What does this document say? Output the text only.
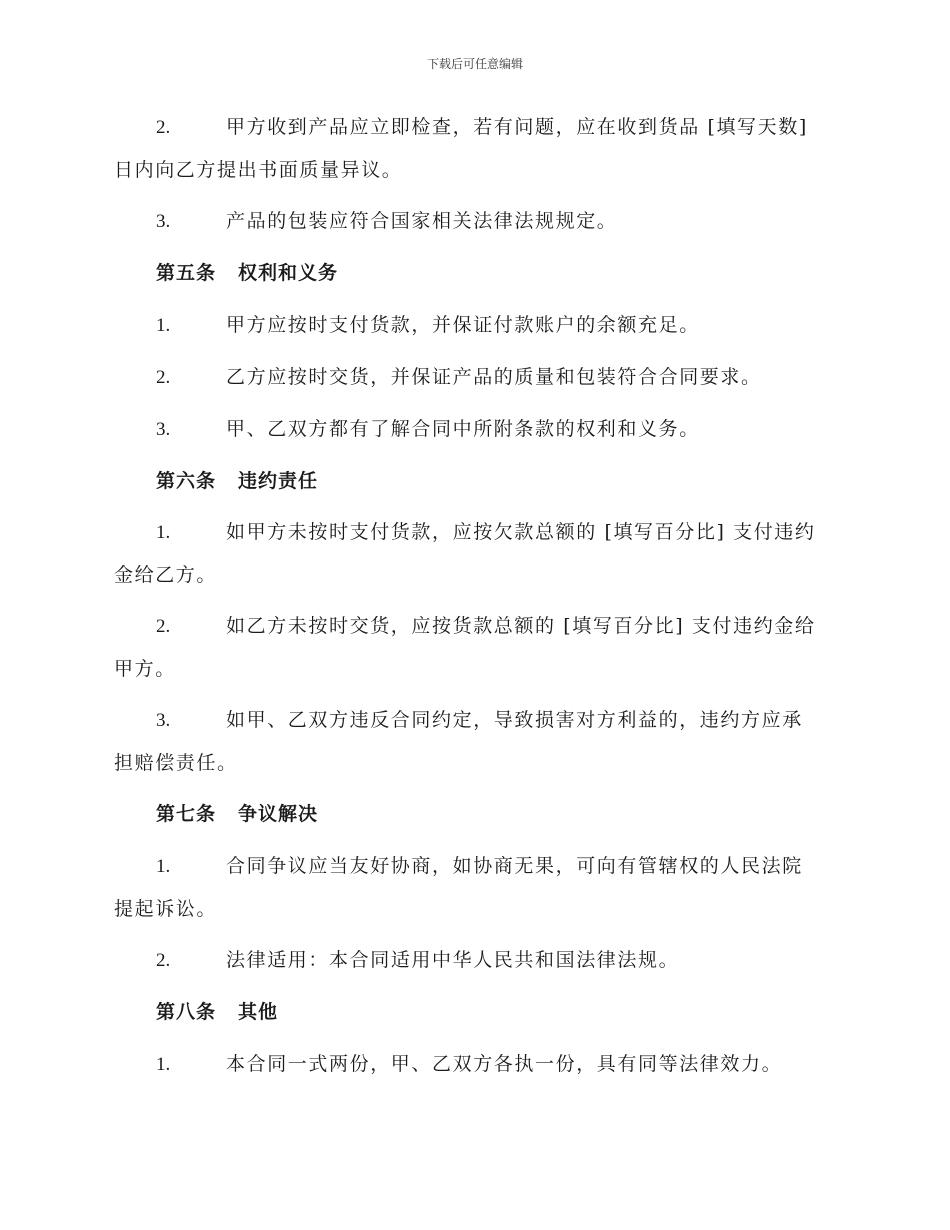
下载后可任意编辑
2.	甲方收到产品应立即检查，若有问题，应在收到货品 [填写天数]
日内向乙方提出书面质量异议。
3.	产品的包装应符合国家相关法律法规规定。
第五条 权利和义务
1.	甲方应按时支付货款，并保证付款账户的余额充足。
2.	乙方应按时交货，并保证产品的质量和包装符合合同要求。
3.	甲、乙双方都有了解合同中所附条款的权利和义务。
第六条 违约责任
1.	如甲方未按时支付货款，应按欠款总额的 [填写百分比] 支付违约
金给乙方。
2.	如乙方未按时交货，应按货款总额的 [填写百分比] 支付违约金给
甲方。
3.	如甲、乙双方违反合同约定，导致损害对方利益的，违约方应承
担赔偿责任。
第七条 争议解决
1.	合同争议应当友好协商，如协商无果，可向有管辖权的人民法院
提起诉讼。
2.	法律适用：本合同适用中华人民共和国法律法规。
第八条 其他
1.	本合同一式两份，甲、乙双方各执一份，具有同等法律效力。
